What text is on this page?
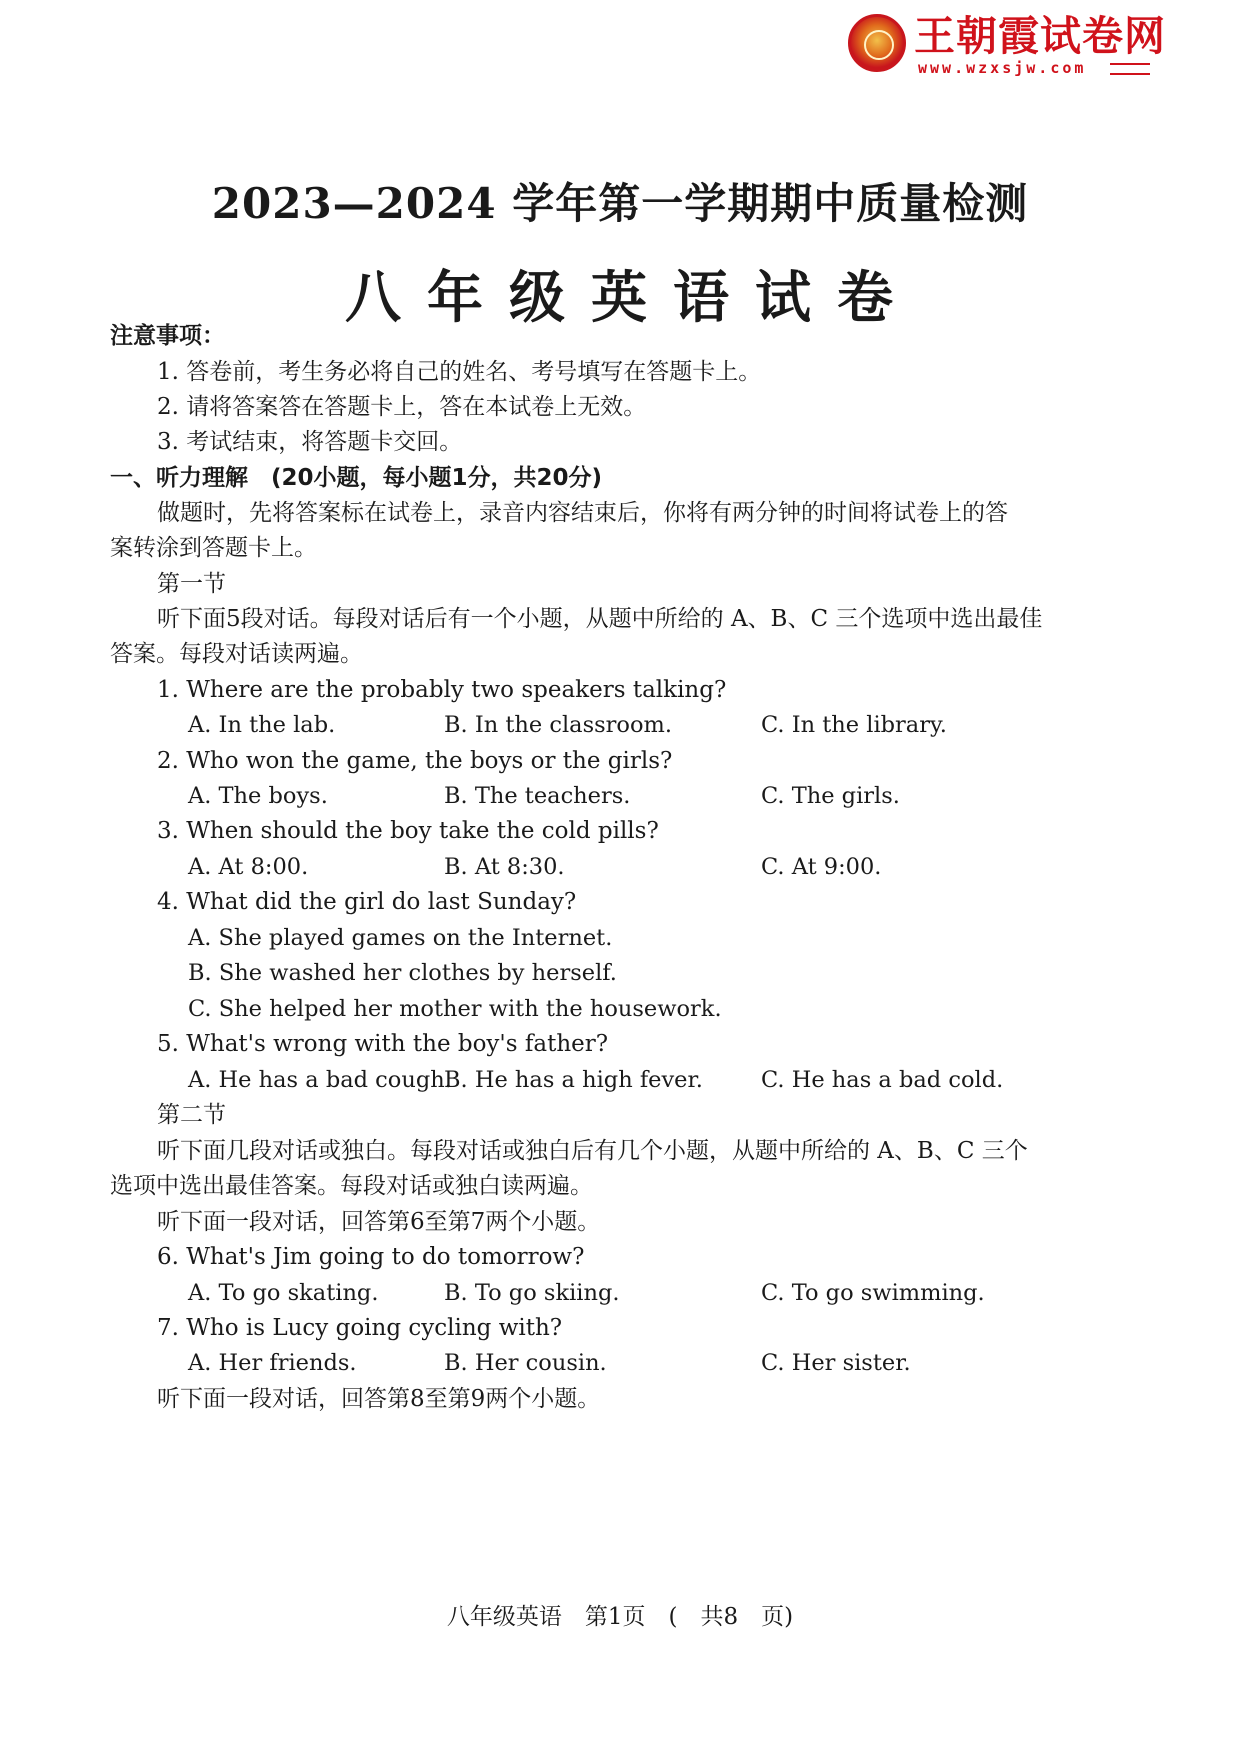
王朝霞试卷网
www.wzxsjw.com
2023—2024 学年第一学期期中质量检测
八年级英语试卷
注意事项：
1. 答卷前，考生务必将自己的姓名、考号填写在答题卡上。
2. 请将答案答在答题卡上，答在本试卷上无效。
3. 考试结束，将答题卡交回。
一、听力理解　(20小题，每小题1分，共20分)
做题时，先将答案标在试卷上，录音内容结束后，你将有两分钟的时间将试卷上的答
案转涂到答题卡上。
第一节
听下面5段对话。每段对话后有一个小题，从题中所给的 A、B、C 三个选项中选出最佳
答案。每段对话读两遍。
1. Where are the probably two speakers talking?
A. In the lab.	B. In the classroom.	C. In the library.
2. Who won the game, the boys or the girls?
A. The boys.	B. The teachers.	C. The girls.
3. When should the boy take the cold pills?
A. At 8:00.	B. At 8:30.	C. At 9:00.
4. What did the girl do last Sunday?
A. She played games on the Internet.
B. She washed her clothes by herself.
C. She helped her mother with the housework.
5. What's wrong with the boy's father?
A. He has a bad cough.
B. He has a high fever.	C. He has a bad cold.
第二节
听下面几段对话或独白。每段对话或独白后有几个小题，从题中所给的 A、B、C 三个
选项中选出最佳答案。每段对话或独白读两遍。
听下面一段对话，回答第6至第7两个小题。
6. What's Jim going to do tomorrow?
A. To go skating.	B. To go skiing.	C. To go swimming.
7. Who is Lucy going cycling with?
A. Her friends.	B. Her cousin.	C. Her sister.
听下面一段对话，回答第8至第9两个小题。
八年级英语　第1页　(　共8　页)
